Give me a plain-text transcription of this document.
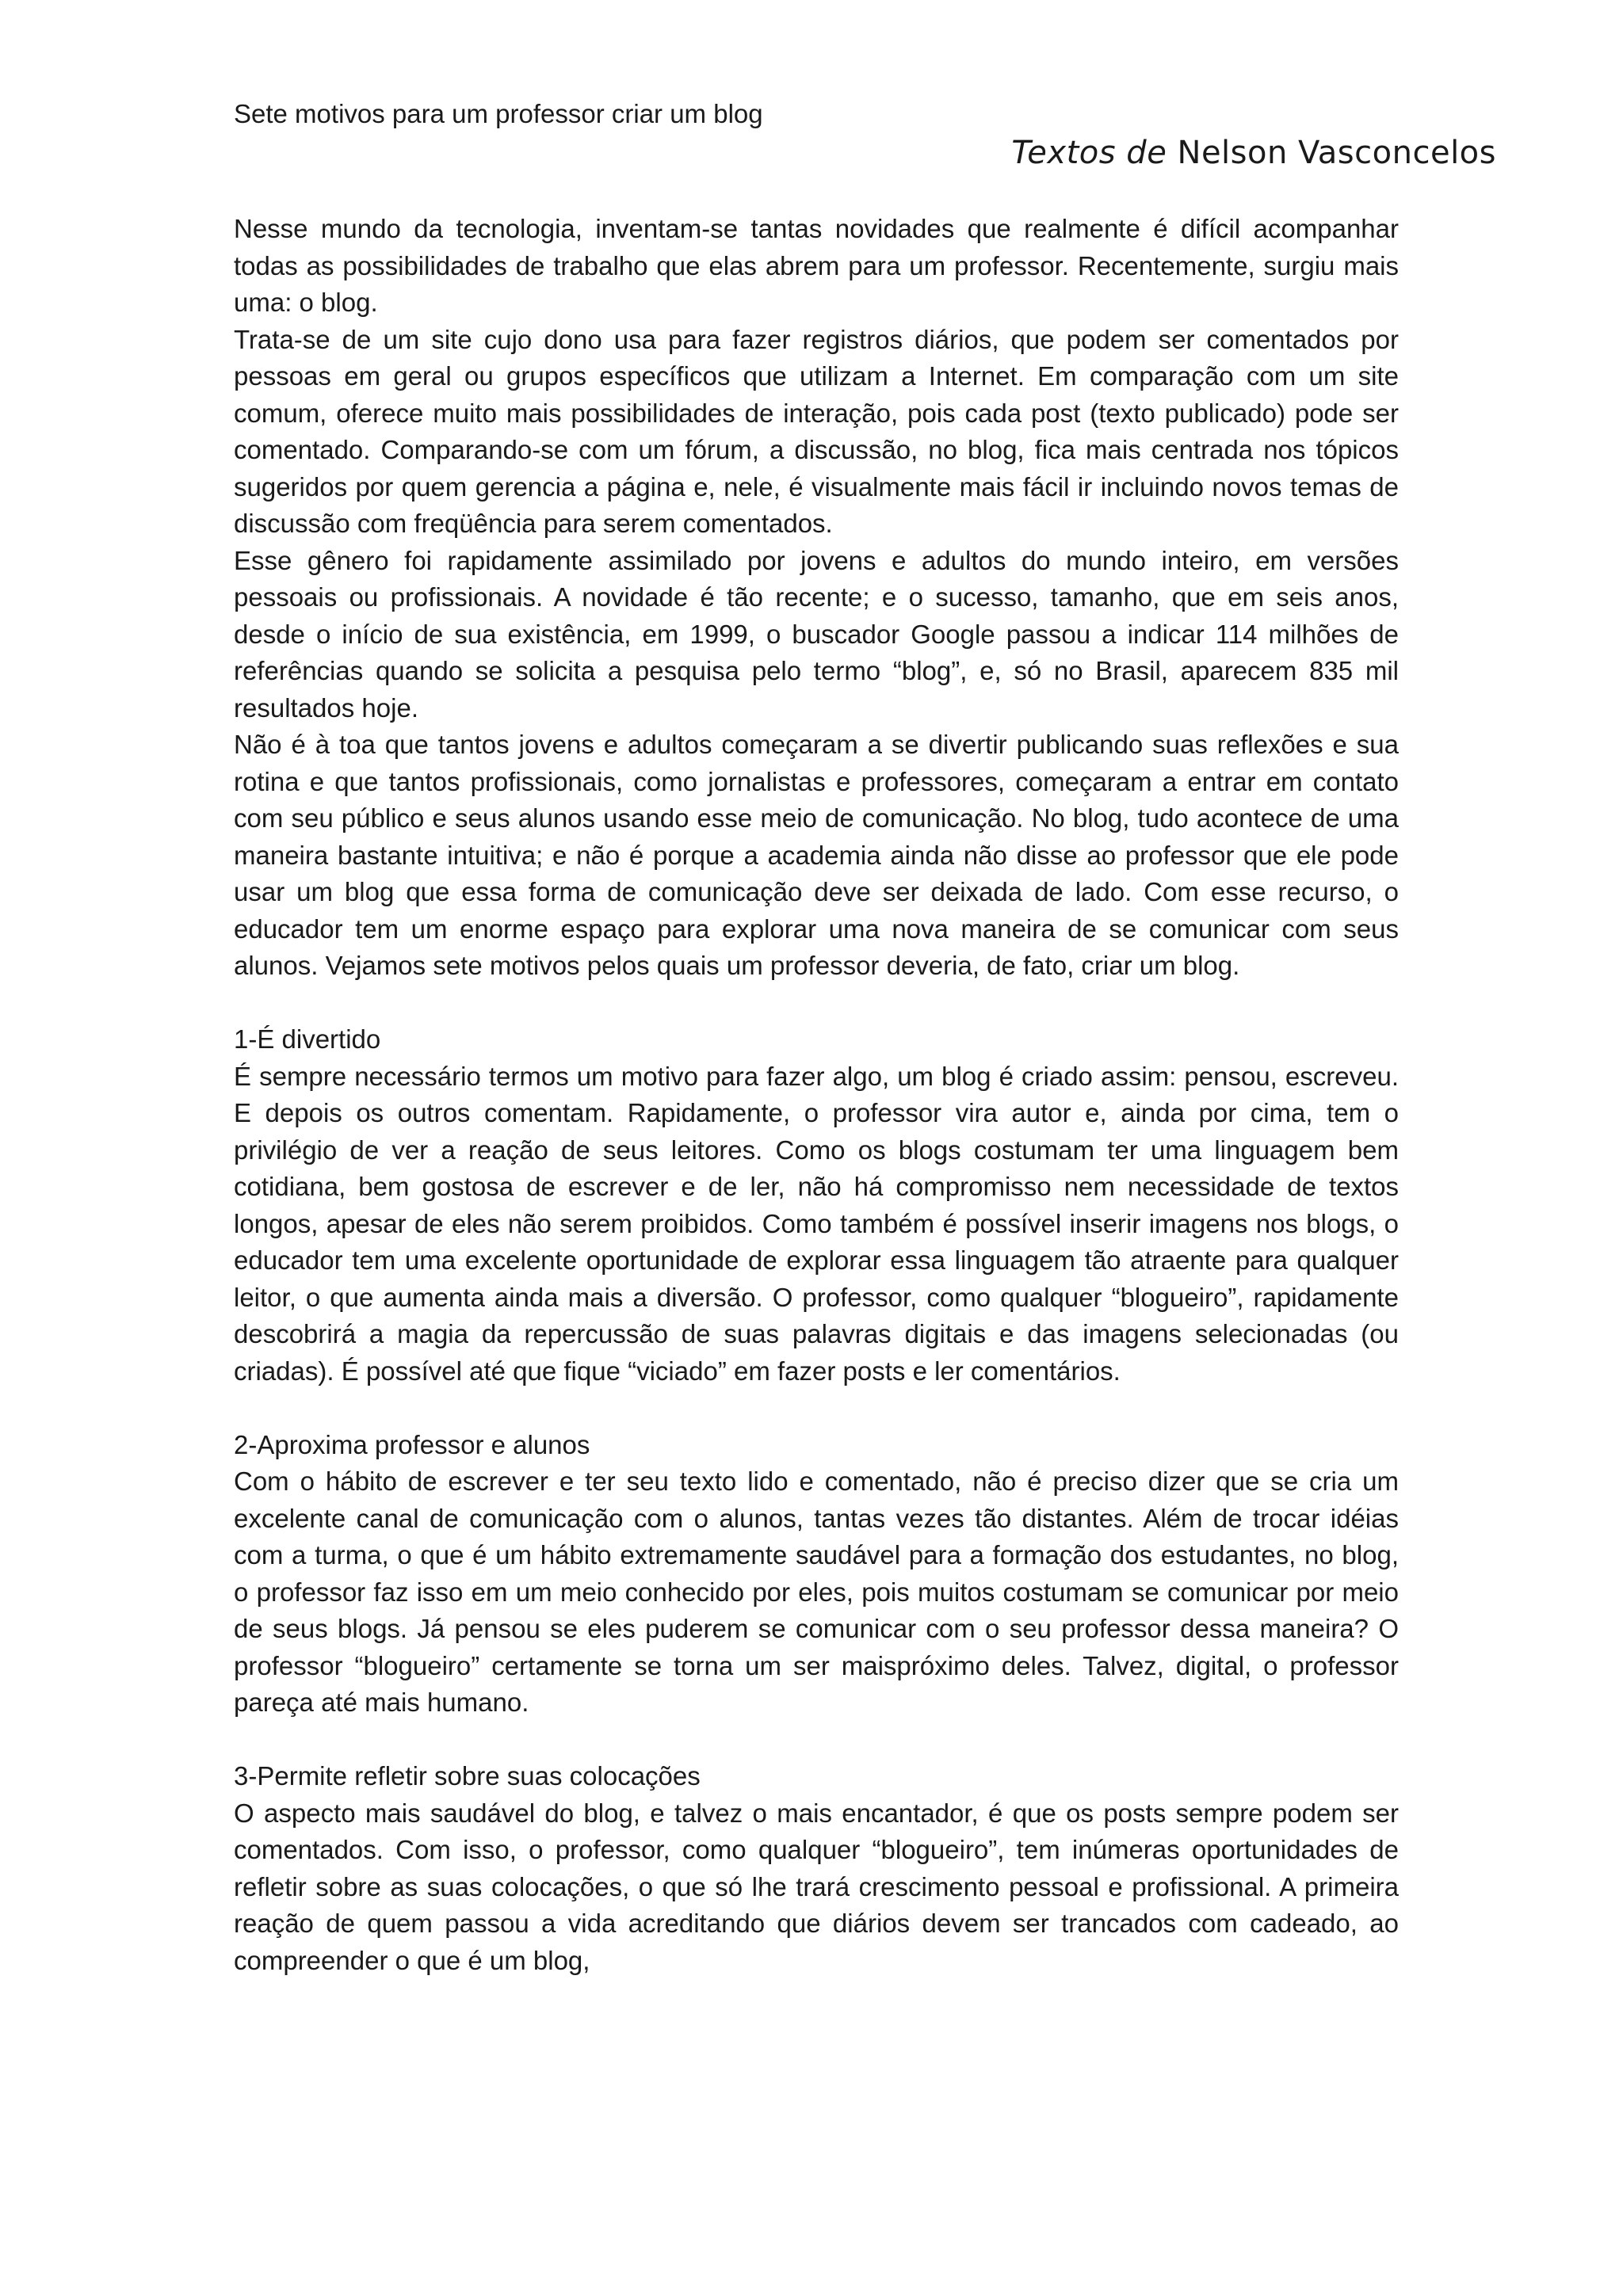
Sete motivos para um professor criar um blog

Textos de Nelson Vasconcelos

Nesse mundo da tecnologia, inventam-se tantas novidades que realmente é difícil acompanhar todas as possibilidades de trabalho que elas abrem para um professor. Recentemente, surgiu mais uma: o blog.

Trata-se de um site cujo dono usa para fazer registros diários, que podem ser comentados por pessoas em geral ou grupos específicos que utilizam a Internet. Em comparação com um site comum, oferece muito mais possibilidades de interação, pois cada post (texto publicado) pode ser comentado. Comparando-se com um fórum, a discussão, no blog, fica mais centrada nos tópicos sugeridos por quem gerencia a página e, nele, é visualmente mais fácil ir incluindo novos temas de discussão com freqüência para serem comentados.

Esse gênero foi rapidamente assimilado por jovens e adultos do mundo inteiro, em versões pessoais ou profissionais. A novidade é tão recente; e o sucesso, tamanho, que em seis anos, desde o início de sua existência, em 1999, o buscador Google passou a indicar 114 milhões de referências quando se solicita a pesquisa pelo termo “blog”, e, só no Brasil, aparecem 835 mil resultados hoje.

Não é à toa que tantos jovens e adultos começaram a se divertir publicando suas reflexões e sua rotina e que tantos profissionais, como jornalistas e professores, começaram a entrar em contato com seu público e seus alunos usando esse meio de comunicação. No blog, tudo acontece de uma maneira bastante intuitiva; e não é porque a academia ainda não disse ao professor que ele pode usar um blog que essa forma de comunicação deve ser deixada de lado. Com esse recurso, o educador tem um enorme espaço para explorar uma nova maneira de se comunicar com seus alunos. Vejamos sete motivos pelos quais um professor deveria, de fato, criar um blog.

1-É divertido

É sempre necessário termos um motivo para fazer algo, um blog é criado assim: pensou, escreveu. E depois os outros comentam. Rapidamente, o professor vira autor e, ainda por cima, tem o privilégio de ver a reação de seus leitores. Como os blogs costumam ter uma linguagem bem cotidiana, bem gostosa de escrever e de ler, não há compromisso nem necessidade de textos longos, apesar de eles não serem proibidos. Como também é possível inserir imagens nos blogs, o educador tem uma excelente oportunidade de explorar essa linguagem tão atraente para qualquer leitor, o que aumenta ainda mais a diversão. O professor, como qualquer “blogueiro”, rapidamente descobrirá a magia da repercussão de suas palavras digitais e das imagens selecionadas (ou criadas). É possível até que fique “viciado” em fazer posts e ler comentários.

2-Aproxima professor e alunos

Com o hábito de escrever e ter seu texto lido e comentado, não é preciso dizer que se cria um excelente canal de comunicação com o alunos, tantas vezes tão distantes. Além de trocar idéias com a turma, o que é um hábito extremamente saudável para a formação dos estudantes, no blog, o professor faz isso em um meio conhecido por eles, pois muitos costumam se comunicar por meio de seus blogs. Já pensou se eles puderem se comunicar com o seu professor dessa maneira? O professor “blogueiro” certamente se torna um ser maispróximo deles. Talvez, digital, o professor pareça até mais humano.

3-Permite refletir sobre suas colocações

O aspecto mais saudável do blog, e talvez o mais encantador, é que os posts sempre podem ser comentados. Com isso, o professor, como qualquer “blogueiro”, tem inúmeras oportunidades de refletir sobre as suas colocações, o que só lhe trará crescimento pessoal e profissional. A primeira reação de quem passou a vida acreditando que diários devem ser trancados com cadeado, ao compreender o que é um blog,
